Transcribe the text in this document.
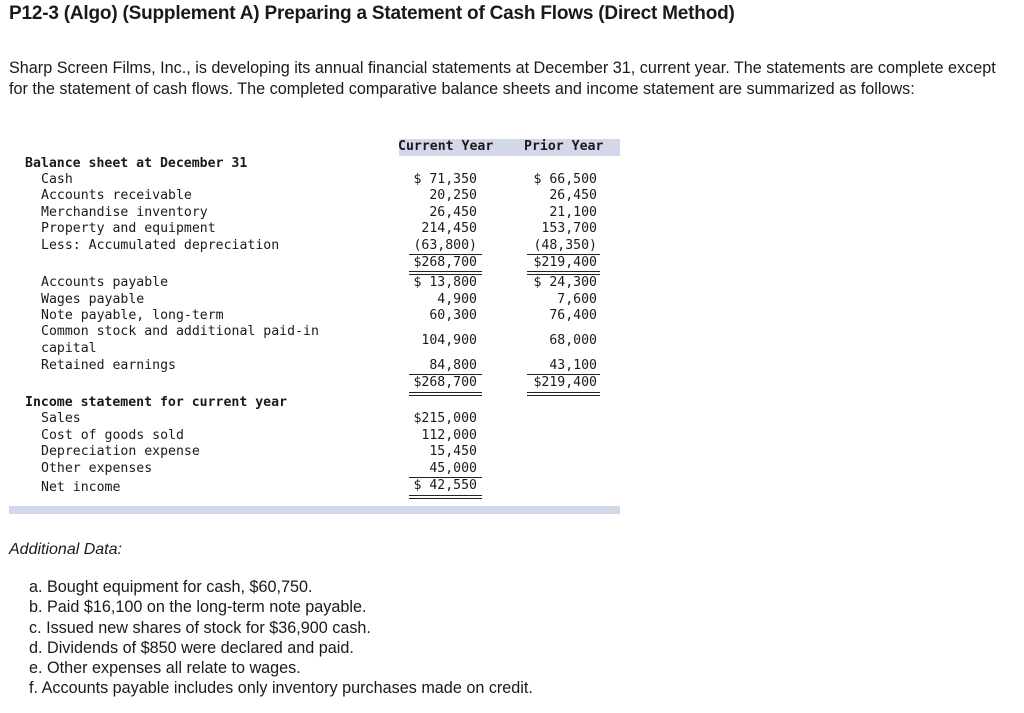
P12-3 (Algo) (Supplement A) Preparing a Statement of Cash Flows (Direct Method)
Sharp Screen Films, Inc., is developing its annual financial statements at December 31, current year. The statements are complete except for the statement of cash flows. The completed comparative balance sheets and income statement are summarized as follows:
Current Year Prior Year
Balance sheet at December 31
Cash	$ 71,350	$ 66,500
Accounts receivable	20,250	26,450
Merchandise inventory	26,450	21,100
Property and equipment	214,450	153,700
Less: Accumulated depreciation	(63,800)	(48,350)
$268,700	$219,400
Accounts payable	$ 13,800	$ 24,300
Wages payable	4,900	7,600
Note payable, long-term	60,300	76,400
Common stock and additional paid-in
capital
104,900	68,000
Retained earnings	84,800	43,100
$268,700	$219,400
Income statement for current year
Sales	$215,000
Cost of goods sold	112,000
Depreciation expense	15,450
Other expenses	45,000
Net income	$ 42,550
Additional Data:
a. Bought equipment for cash, $60,750.
b. Paid $16,100 on the long-term note payable.
c. Issued new shares of stock for $36,900 cash.
d. Dividends of $850 were declared and paid.
e. Other expenses all relate to wages.
f. Accounts payable includes only inventory purchases made on credit.
